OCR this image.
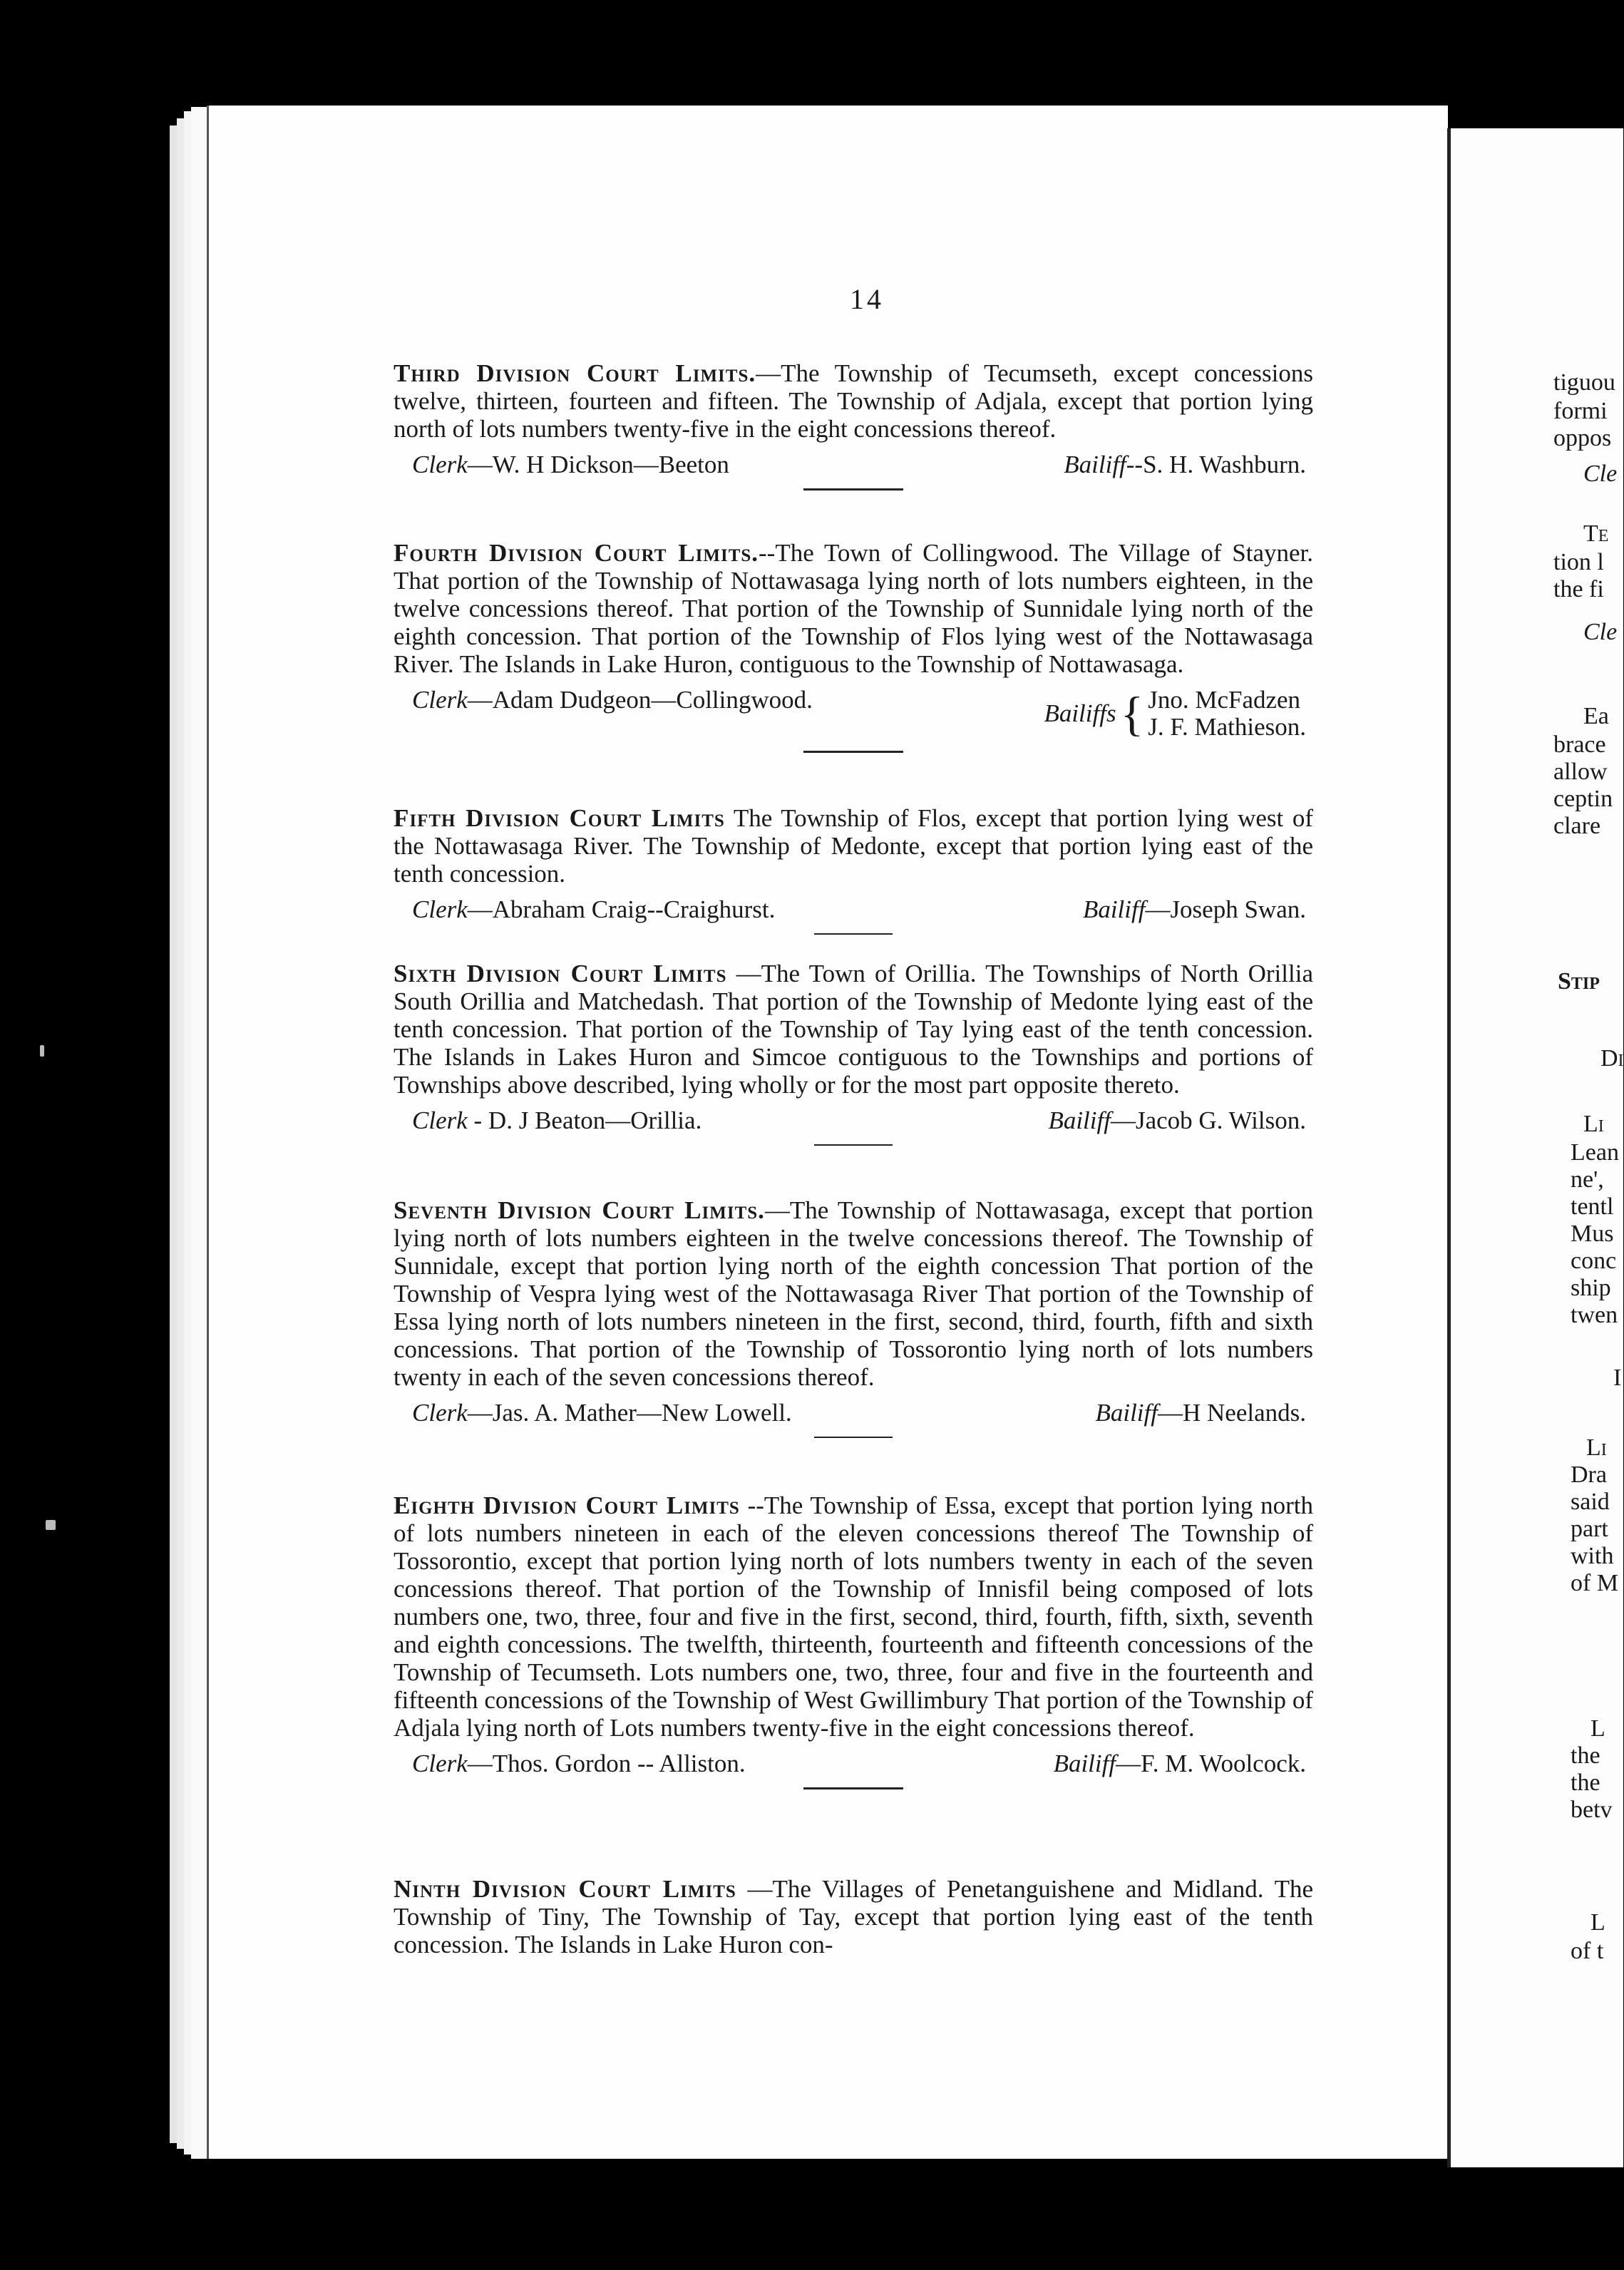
14

Third Division Court Limits.—The Township of Tecumseth, except concessions twelve, thirteen, fourteen and fifteen. The Township of Adjala, except that portion lying north of lots numbers twenty-five in the eight concessions thereof.

Clerk—W. H Dickson—Beeton	Bailiff--S. H. Washburn.

Fourth Division Court Limits.--The Town of Collingwood. The Village of Stayner. That portion of the Township of Nottawasaga lying north of lots numbers eighteen, in the twelve concessions thereof. That portion of the Township of Sunnidale lying north of the eighth concession. That portion of the Township of Flos lying west of the Nottawasaga River. The Islands in Lake Huron, contiguous to the Township of Nottawasaga.

Clerk—Adam Dudgeon—Collingwood.	Bailiffs { Jno. McFadzen
J. F. Mathieson.

Fifth Division Court Limits The Township of Flos, except that portion lying west of the Nottawasaga River. The Township of Medonte, except that portion lying east of the tenth concession.

Clerk—Abraham Craig--Craighurst.	Bailiff—Joseph Swan.

Sixth Division Court Limits —The Town of Orillia. The Townships of North Orillia South Orillia and Matchedash. That portion of the Township of Medonte lying east of the tenth concession. That portion of the Township of Tay lying east of the tenth concession. The Islands in Lakes Huron and Simcoe contiguous to the Townships and portions of Townships above described, lying wholly or for the most part opposite thereto.

Clerk - D. J Beaton—Orillia.	Bailiff—Jacob G. Wilson.

Seventh Division Court Limits.—The Township of Nottawasaga, except that portion lying north of lots numbers eighteen in the twelve concessions thereof. The Township of Sunnidale, except that portion lying north of the eighth concession That portion of the Township of Vespra lying west of the Nottawasaga River That portion of the Township of Essa lying north of lots numbers nineteen in the first, second, third, fourth, fifth and sixth concessions. That portion of the Township of Tossorontio lying north of lots numbers twenty in each of the seven concessions thereof.

Clerk—Jas. A. Mather—New Lowell.	Bailiff—H Neelands.

Eighth Division Court Limits --The Township of Essa, except that portion lying north of lots numbers nineteen in each of the eleven concessions thereof The Township of Tossorontio, except that portion lying north of lots numbers twenty in each of the seven concessions thereof. That portion of the Township of Innisfil being composed of lots numbers one, two, three, four and five in the first, second, third, fourth, fifth, sixth, seventh and eighth concessions. The twelfth, thirteenth, fourteenth and fifteenth concessions of the Township of Tecumseth. Lots numbers one, two, three, four and five in the fourteenth and fifteenth concessions of the Township of West Gwillimbury That portion of the Township of Adjala lying north of Lots numbers twenty-five in the eight concessions thereof.

Clerk—Thos. Gordon -- Alliston.	Bailiff—F. M. Woolcock.

Ninth Division Court Limits —The Villages of Penetanguishene and Midland. The Township of Tiny, The Township of Tay, except that portion lying east of the tenth concession. The Islands in Lake Huron con-

tiguou
formi
oppos
Cle
Te
tion l
the fi
Cle
Ea
brace
allow
ceptin
clare
Stip
Di
Li
Lean
ne',
tentl
Mus
conc
ship
twen
I
Li
Dra
said
part
with
of M
L
the
the
betv
L
of t
